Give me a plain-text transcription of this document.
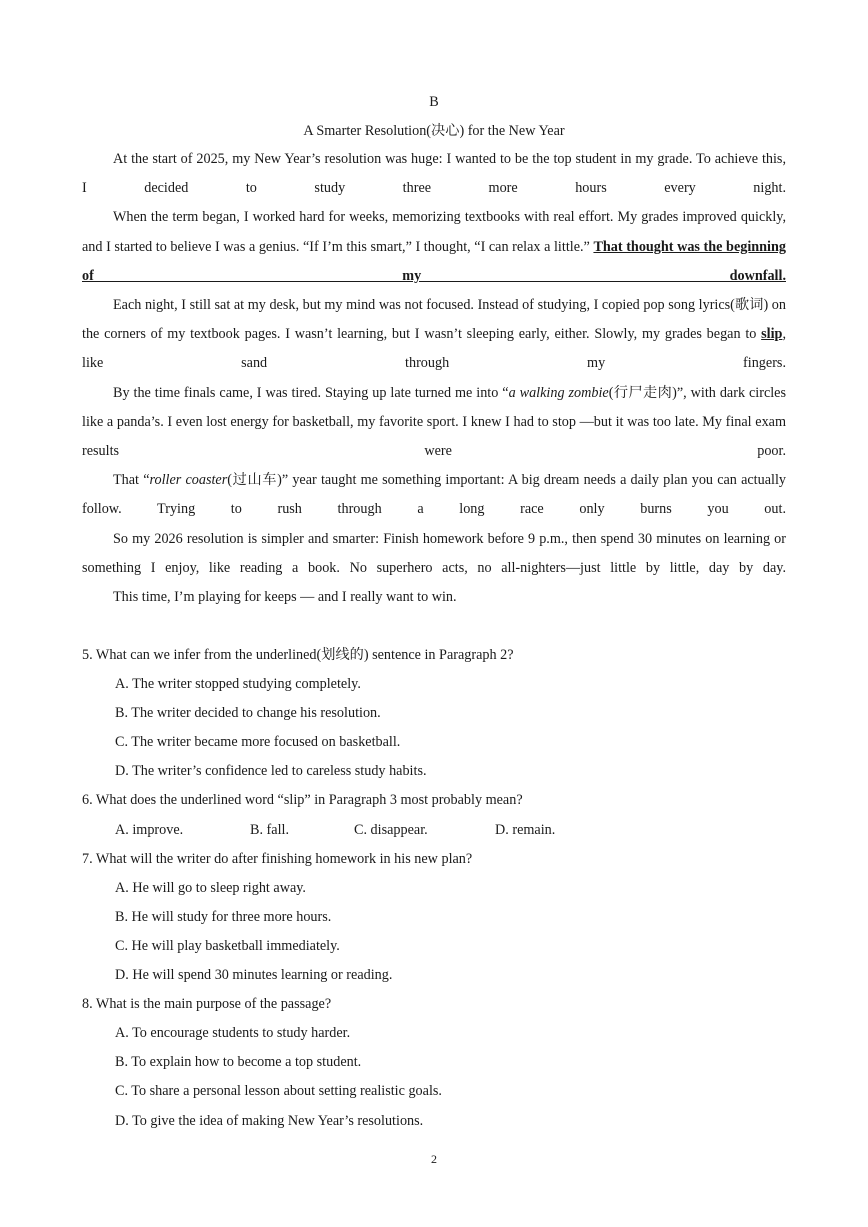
B
A Smarter Resolution(决心) for the New Year

At the start of 2025, my New Year’s resolution was huge: I wanted to be the top student in my grade. To achieve this, I decided to study three more hours every night.

When the term began, I worked hard for weeks, memorizing textbooks with real effort. My grades improved quickly, and I started to believe I was a genius. “If I’m this smart,” I thought, “I can relax a little.” That thought was the beginning of my downfall.

Each night, I still sat at my desk, but my mind was not focused. Instead of studying, I copied pop song lyrics(歌词) on the corners of my textbook pages. I wasn’t learning, but I wasn’t sleeping early, either. Slowly, my grades began to slip, like sand through my fingers.

By the time finals came, I was tired. Staying up late turned me into “a walking zombie(行尸走肉)”, with dark circles like a panda’s. I even lost energy for basketball, my favorite sport. I knew I had to stop —but it was too late. My final exam results were poor.

That “roller coaster(过山车)” year taught me something important: A big dream needs a daily plan you can actually follow. Trying to rush through a long race only burns you out.

So my 2026 resolution is simpler and smarter: Finish homework before 9 p.m., then spend 30 minutes on learning or something I enjoy, like reading a book. No superhero acts, no all-nighters—just little by little, day by day.

This time, I’m playing for keeps — and I really want to win.

5. What can we infer from the underlined(划线的) sentence in Paragraph 2?

A. The writer stopped studying completely.

B. The writer decided to change his resolution.

C. The writer became more focused on basketball.

D. The writer’s confidence led to careless study habits.

6. What does the underlined word “slip” in Paragraph 3 most probably mean?

A. improve.	B. fall.	C. disappear.	D. remain.

7. What will the writer do after finishing homework in his new plan?

A. He will go to sleep right away.

B. He will study for three more hours.

C. He will play basketball immediately.

D. He will spend 30 minutes learning or reading.

8. What is the main purpose of the passage?

A. To encourage students to study harder.

B. To explain how to become a top student.

C. To share a personal lesson about setting realistic goals.

D. To give the idea of making New Year’s resolutions.

2
